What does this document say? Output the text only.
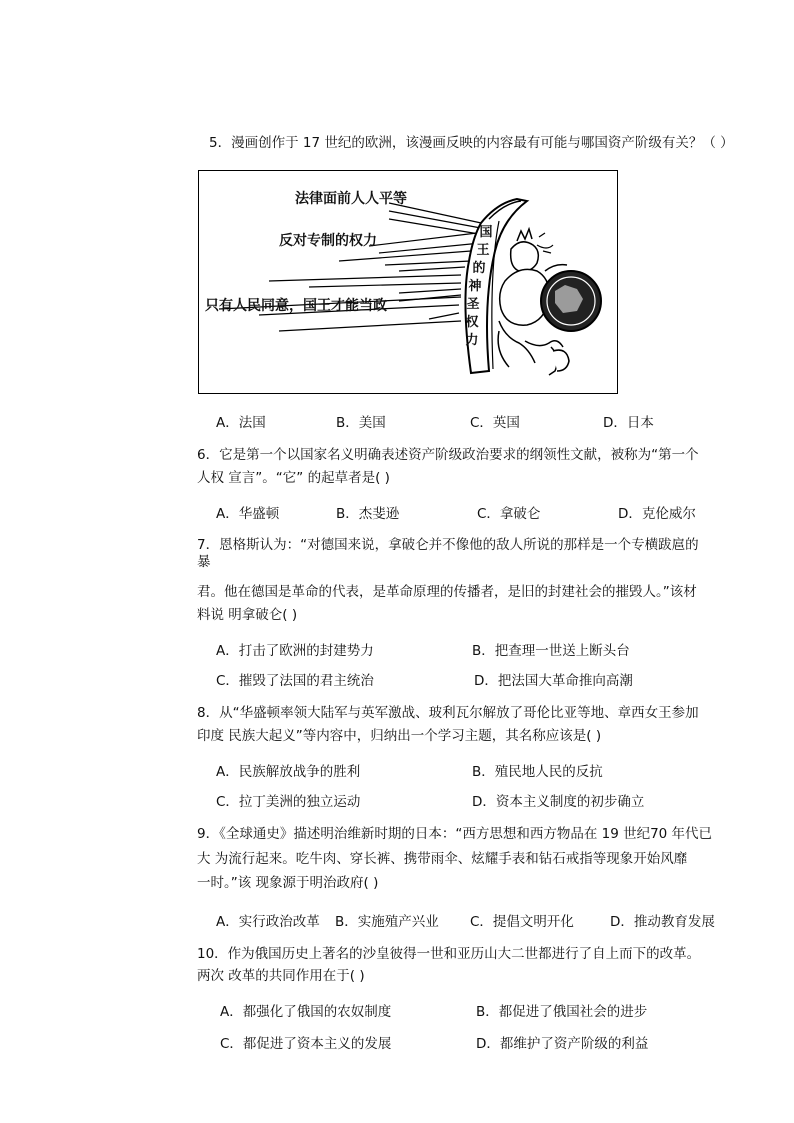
5．漫画创作于 17 世纪的欧洲，该漫画反映的内容最有可能与哪国资产阶级有关？（ ）
法律面前人人平等
反对专制的权力
只有人民同意，国王才能当政
国
王
的
神
圣
权
力
A．法国	B．美国	C．英国	D．日本
6．它是第一个以国家名义明确表述资产阶级政治要求的纲领性文献，被称为“第一个
人权 宣言”。“它” 的起草者是( )
A．华盛顿	B．杰斐逊	C．拿破仑	D．克伦威尔
7．恩格斯认为：“对德国来说，拿破仑并不像他的敌人所说的那样是一个专横跋扈的
暴
君。他在德国是革命的代表，是革命原理的传播者，是旧的封建社会的摧毁人。”该材
料说 明拿破仑( )
A．打击了欧洲的封建势力	B．把查理一世送上断头台
C．摧毁了法国的君主统治	D．把法国大革命推向高潮
8．从“华盛顿率领大陆军与英军激战、玻利瓦尔解放了哥伦比亚等地、章西女王参加
印度 民族大起义”等内容中，归纳出一个学习主题，其名称应该是( )
A．民族解放战争的胜利	B．殖民地人民的反抗
C．拉丁美洲的独立运动	D．资本主义制度的初步确立
9．《全球通史》描述明治维新时期的日本：“西方思想和西方物品在 19 世纪70 年代已
大 为流行起来。吃牛肉、穿长裤、携带雨伞、炫耀手表和钻石戒指等现象开始风靡
一时。”该 现象源于明治政府( )
A．实行政治改革 B．实施殖产兴业 C．提倡文明开化	D．推动教育发展
10．作为俄国历史上著名的沙皇彼得一世和亚历山大二世都进行了自上而下的改革。
两次 改革的共同作用在于( )
A．都强化了俄国的农奴制度	B．都促进了俄国社会的进步
C．都促进了资本主义的发展	D．都维护了资产阶级的利益
